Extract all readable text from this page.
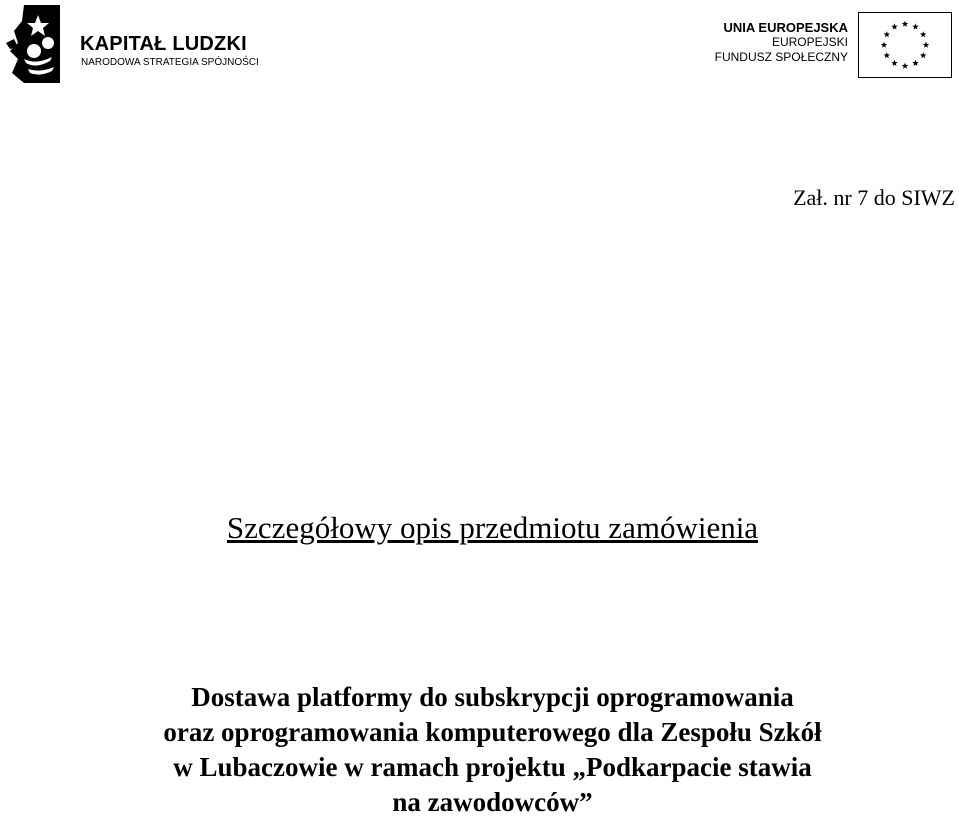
KAPITAŁ LUDZKI
NARODOWA STRATEGIA SPÓJNOŚCI
UNIA EUROPEJSKA
EUROPEJSKI
FUNDUSZ SPOŁECZNY
Zał. nr 7 do SIWZ
Szczegółowy opis przedmiotu zamówienia
Dostawa platformy do subskrypcji oprogramowania
oraz oprogramowania komputerowego dla Zespołu Szkół
w Lubaczowie w ramach projektu „Podkarpacie stawia
na zawodowców”
